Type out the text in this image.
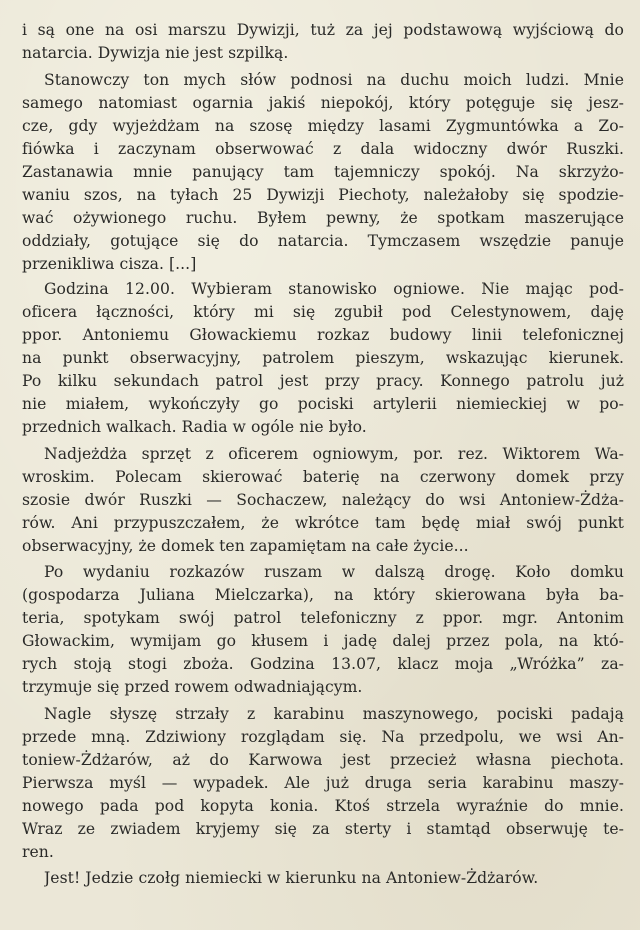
i są one na osi marszu Dywizji, tuż za jej podstawową wyjściową do
natarcia. Dywizja nie jest szpilką.
Stanowczy ton mych słów podnosi na duchu moich ludzi. Mnie
samego natomiast ogarnia jakiś niepokój, który potęguje się jesz-
cze, gdy wyjeżdżam na szosę między lasami Zygmuntówka a Zo-
fiówka i zaczynam obserwować z dala widoczny dwór Ruszki.
Zastanawia mnie panujący tam tajemniczy spokój. Na skrzyżo-
waniu szos, na tyłach 25 Dywizji Piechoty, należałoby się spodzie-
wać ożywionego ruchu. Byłem pewny, że spotkam maszerujące
oddziały, gotujące się do natarcia. Tymczasem wszędzie panuje
przenikliwa cisza. [...]
Godzina 12.00. Wybieram stanowisko ogniowe. Nie mając pod-
oficera łączności, który mi się zgubił pod Celestynowem, daję
ppor. Antoniemu Głowackiemu rozkaz budowy linii telefonicznej
na punkt obserwacyjny, patrolem pieszym, wskazując kierunek.
Po kilku sekundach patrol jest przy pracy. Konnego patrolu już
nie miałem, wykończyły go pociski artylerii niemieckiej w po-
przednich walkach. Radia w ogóle nie było.
Nadjeżdża sprzęt z oficerem ogniowym, por. rez. Wiktorem Wa-
wroskim. Polecam skierować baterię na czerwony domek przy
szosie dwór Ruszki — Sochaczew, należący do wsi Antoniew-Żdża-
rów. Ani przypuszczałem, że wkrótce tam będę miał swój punkt
obserwacyjny, że domek ten zapamiętam na całe życie...
Po wydaniu rozkazów ruszam w dalszą drogę. Koło domku
(gospodarza Juliana Mielczarka), na który skierowana była ba-
teria, spotykam swój patrol telefoniczny z ppor. mgr. Antonim
Głowackim, wymijam go kłusem i jadę dalej przez pola, na któ-
rych stoją stogi zboża. Godzina 13.07, klacz moja „Wróżka” za-
trzymuje się przed rowem odwadniającym.
Nagle słyszę strzały z karabinu maszynowego, pociski padają
przede mną. Zdziwiony rozglądam się. Na przedpolu, we wsi An-
toniew-Żdżarów, aż do Karwowa jest przecież własna piechota.
Pierwsza myśl — wypadek. Ale już druga seria karabinu maszy-
nowego pada pod kopyta konia. Ktoś strzela wyraźnie do mnie.
Wraz ze zwiadem kryjemy się za sterty i stamtąd obserwuję te-
ren.
Jest! Jedzie czołg niemiecki w kierunku na Antoniew-Żdżarów.
